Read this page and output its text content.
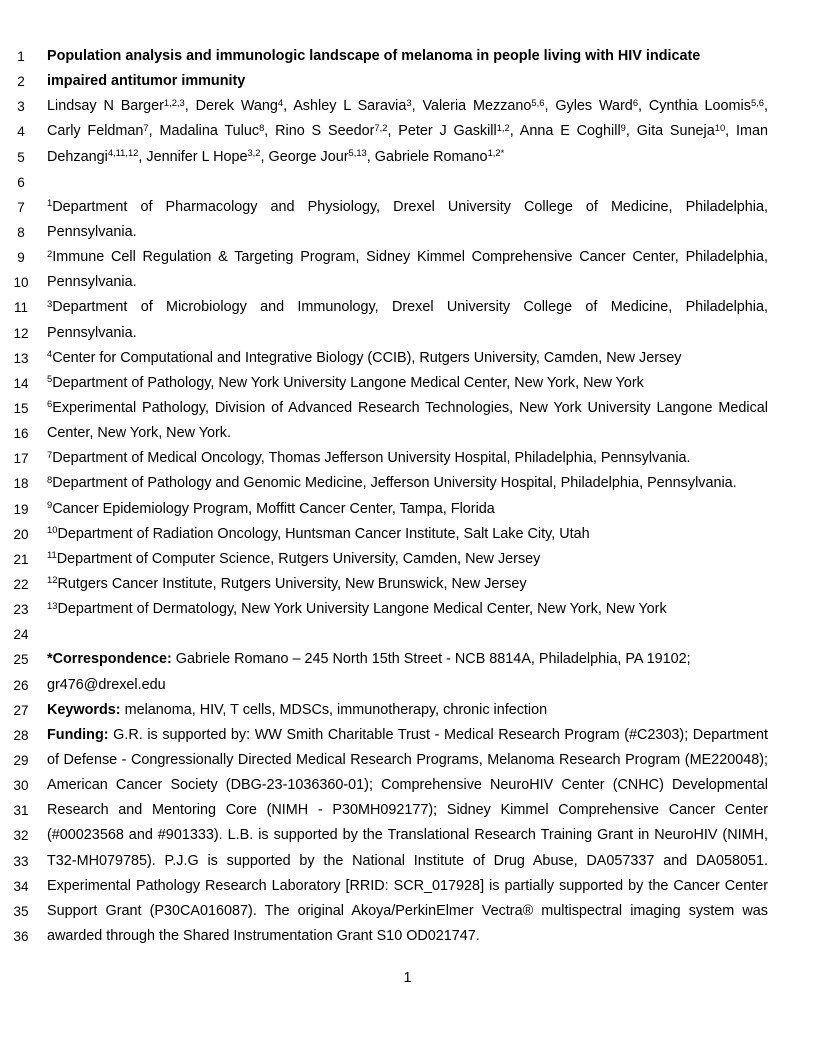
1	Population analysis and immunologic landscape of melanoma in people living with HIV indicate
2	impaired antitumor immunity
3	Lindsay N Barger$^{1,2,3}$, Derek Wang$^4$, Ashley L Saravia$^3$, Valeria Mezzano$^{5,6}$, Gyles Ward$^6$, Cynthia Loomis$^{5,6}$,
4	Carly Feldman$^7$, Madalina Tuluc$^8$, Rino S Seedor$^{7,2}$, Peter J Gaskill$^{1,2}$, Anna E Coghill$^9$, Gita Suneja$^{10}$, Iman
5	Dehzangi$^{4,11,12}$, Jennifer L Hope$^{3,2}$, George Jour$^{5,13}$, Gabriele Romano$^{1,2*}$
6
7	$^1$Department of Pharmacology and Physiology, Drexel University College of Medicine, Philadelphia,
8	Pennsylvania.
9	$^2$Immune Cell Regulation & Targeting Program, Sidney Kimmel Comprehensive Cancer Center, Philadelphia,
10	Pennsylvania.
11	$^3$Department of Microbiology and Immunology, Drexel University College of Medicine, Philadelphia,
12	Pennsylvania.
13	$^4$Center for Computational and Integrative Biology (CCIB), Rutgers University, Camden, New Jersey
14	$^5$Department of Pathology, New York University Langone Medical Center, New York, New York
15	$^6$Experimental Pathology, Division of Advanced Research Technologies, New York University Langone Medical
16	Center, New York, New York.
17	$^7$Department of Medical Oncology, Thomas Jefferson University Hospital, Philadelphia, Pennsylvania.
18	$^8$Department of Pathology and Genomic Medicine, Jefferson University Hospital, Philadelphia, Pennsylvania.
19	$^9$Cancer Epidemiology Program, Moffitt Cancer Center, Tampa, Florida
20	$^{10}$Department of Radiation Oncology, Huntsman Cancer Institute, Salt Lake City, Utah
21	$^{11}$Department of Computer Science, Rutgers University, Camden, New Jersey
22	$^{12}$Rutgers Cancer Institute, Rutgers University, New Brunswick, New Jersey
23	$^{13}$Department of Dermatology, New York University Langone Medical Center, New York, New York
24
25	*Correspondence: Gabriele Romano – 245 North 15th Street - NCB 8814A, Philadelphia, PA 19102;
26	gr476@drexel.edu
27	Keywords: melanoma, HIV, T cells, MDSCs, immunotherapy, chronic infection
28	Funding: G.R. is supported by: WW Smith Charitable Trust - Medical Research Program (#C2303); Department
29	of Defense - Congressionally Directed Medical Research Programs, Melanoma Research Program (ME220048);
30	American Cancer Society (DBG-23-1036360-01); Comprehensive NeuroHIV Center (CNHC) Developmental
31	Research and Mentoring Core (NIMH - P30MH092177); Sidney Kimmel Comprehensive Cancer Center
32	(#00023568 and #901333). L.B. is supported by the Translational Research Training Grant in NeuroHIV (NIMH,
33	T32-MH079785). P.J.G is supported by the National Institute of Drug Abuse, DA057337 and DA058051.
34	Experimental Pathology Research Laboratory [RRID: SCR_017928] is partially supported by the Cancer Center
35	Support Grant (P30CA016087). The original Akoya/PerkinElmer Vectra® multispectral imaging system was
36	awarded through the Shared Instrumentation Grant S10 OD021747.
1
